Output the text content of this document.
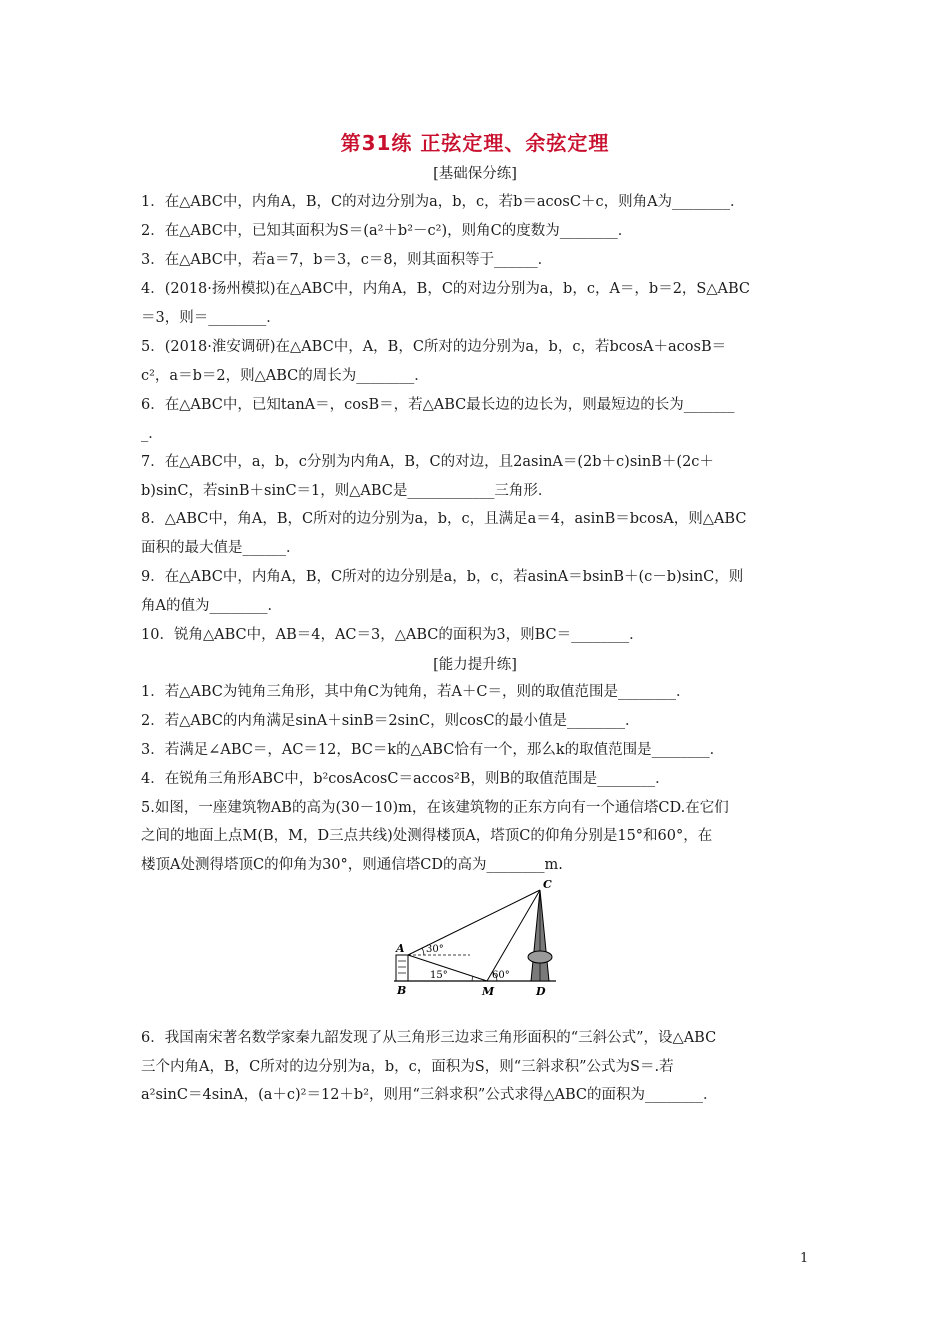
第31练 正弦定理、余弦定理
[基础保分练]
1．在△ABC中，内角A，B，C的对边分别为a，b，c，若b＝acosC＋c，则角A为________．
2．在△ABC中，已知其面积为S＝(a²＋b²－c²)，则角C的度数为________．
3．在△ABC中，若a＝7，b＝3，c＝8，则其面积等于______．
4．(2018·扬州模拟)在△ABC中，内角A，B，C的对边分别为a，b，c，A＝，b＝2，S△ABC
＝3，则＝________．
5．(2018·淮安调研)在△ABC中，A，B，C所对的边分别为a，b，c，若bcosA＋acosB＝
c²，a＝b＝2，则△ABC的周长为________．
6．在△ABC中，已知tanA＝，cosB＝，若△ABC最长边的边长为，则最短边的长为_______
_．
7．在△ABC中，a，b，c分别为内角A，B，C的对边，且2asinA＝(2b＋c)sinB＋(2c＋
b)sinC，若sinB＋sinC＝1，则△ABC是____________三角形．
8．△ABC中，角A，B，C所对的边分别为a，b，c，且满足a＝4，asinB＝bcosA，则△ABC
面积的最大值是______．
9．在△ABC中，内角A，B，C所对的边分别是a，b，c，若asinA＝bsinB＋(c－b)sinC，则
角A的值为________．
10．锐角△ABC中，AB＝4，AC＝3，△ABC的面积为3，则BC＝________．
[能力提升练]
1．若△ABC为钝角三角形，其中角C为钝角，若A＋C＝，则的取值范围是________．
2．若△ABC的内角满足sinA＋sinB＝2sinC，则cosC的最小值是________．
3．若满足∠ABC＝，AC＝12，BC＝k的△ABC恰有一个，那么k的取值范围是________．
4．在锐角三角形ABC中，b²cosAcosC＝accos²B，则B的取值范围是________．
5.如图，一座建筑物AB的高为(30－10)m，在该建筑物的正东方向有一个通信塔CD.在它们
之间的地面上点M(B，M，D三点共线)处测得楼顶A，塔顶C的仰角分别是15°和60°，在
楼顶A处测得塔顶C的仰角为30°，则通信塔CD的高为________m.
A
B
C
D
M
30°
15°	60°
6．我国南宋著名数学家秦九韶发现了从三角形三边求三角形面积的“三斜公式”，设△ABC
三个内角A，B，C所对的边分别为a，b，c，面积为S，则“三斜求积”公式为S＝.若
a²sinC＝4sinA，(a＋c)²＝12＋b²，则用“三斜求积”公式求得△ABC的面积为________．
1
